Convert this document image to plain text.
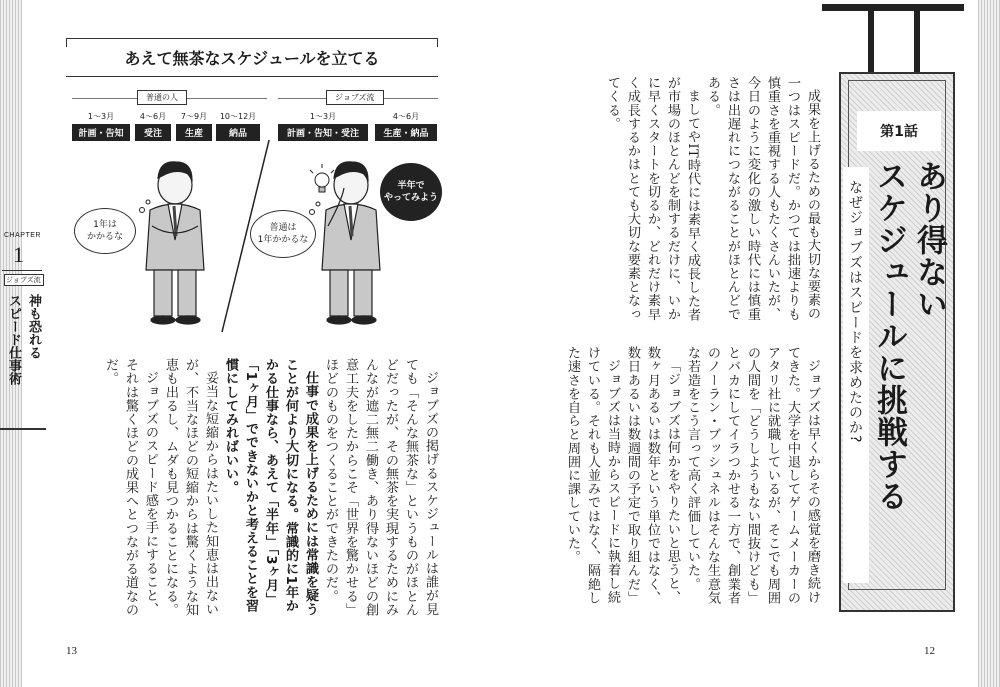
CHAPTER
1
ジョブズ流
神も恐れる
スピード仕事術
あえて無茶なスケジュールを立てる
普通の人
1〜3月	4〜6月	7〜9月	10〜12月
計画・告知	受注	生産	納品
ジョブズ流
1〜3月	4〜6月
計画・告知・受注	生産・納品
1年は
かかるな
普通は
1年かかるな
半年で
やってみよう

ジョブズの掲げるスケジュールは誰が見ても「そんな無茶な」というものがほとんどだったが、その無茶を実現するためにみんなが遮二無二働き、あり得ないほどの創意工夫をしたからこそ「世界を驚かせる」ほどのものをつくることができたのだ。

仕事で成果を上げるためには常識を疑うことが何より大切になる。常識的に1年かかる仕事なら、あえて「半年」「3ヶ月」「1ヶ月」でできないかと考えることを習慣にしてみればいい。

妥当な短縮からはたいした知恵は出ないが、不当なほどの短縮からは驚くような知恵も出るし、ムダも見つかることになる。

ジョブズのスピード感を手にすること、それは驚くほどの成果へとつながる道なのだ。

13
第1話
あり得ない
スケジュールに挑戦する
なぜジョブズはスピードを求めたのか?

成果を上げるための最も大切な要素の一つはスピードだ。かつては拙速よりも慎重さを重視する人もたくさんいたが、今日のように変化の激しい時代には慎重さは出遅れにつながることがほとんどである。

ましてやIT時代には素早く成長した者が市場のほとんどを制するだけに、いかに早くスタートを切るか、どれだけ素早く成長するかはとても大切な要素となってくる。

ジョブズは早くからその感覚を磨き続けてきた。大学を中退してゲームメーカーのアタリ社に就職しているが、そこでも周囲の人間を「どうしようもない間抜けども」とバカにしてイラつかせる一方で、創業者のノーラン・ブッシュネルはそんな生意気な若造をこう言って高く評価していた。

「ジョブズは何かをやりたいと思うと、数ヶ月あるいは数年という単位ではなく、数日あるいは数週間の予定で取り組んだ」

ジョブズは当時からスピードに執着し続けている。それも人並みではなく、隔絶した速さを自らと周囲に課していた。

12
